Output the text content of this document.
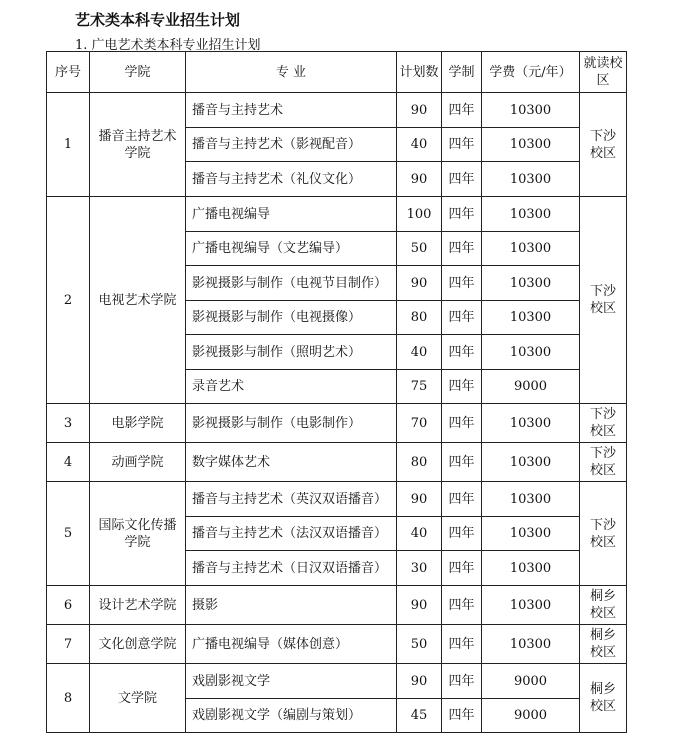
艺术类本科专业招生计划
1. 广电艺术类本科专业招生计划
序号	学院	专 业	计划数	学制	学费（元/年）	就读校区
1	播音主持艺术学院	播音与主持艺术	90	四年	10300	下沙校区
		播音与主持艺术（影视配音）	40	四年	10300	
		播音与主持艺术（礼仪文化）	90	四年	10300	
2	电视艺术学院	广播电视编导	100	四年	10300	下沙校区
		广播电视编导（文艺编导）	50	四年	10300	
		影视摄影与制作（电视节目制作）	90	四年	10300	
		影视摄影与制作（电视摄像）	80	四年	10300	
		影视摄影与制作（照明艺术）	40	四年	10300	
		录音艺术	75	四年	9000	
3	电影学院	影视摄影与制作（电影制作）	70	四年	10300	下沙校区
4	动画学院	数字媒体艺术	80	四年	10300	下沙校区
5	国际文化传播学院	播音与主持艺术（英汉双语播音）	90	四年	10300	下沙校区
		播音与主持艺术（法汉双语播音）	40	四年	10300	
		播音与主持艺术（日汉双语播音）	30	四年	10300	
6	设计艺术学院	摄影	90	四年	10300	桐乡校区
7	文化创意学院	广播电视编导（媒体创意）	50	四年	10300	桐乡校区
8	文学院	戏剧影视文学	90	四年	9000	桐乡校区
		戏剧影视文学（编剧与策划）	45	四年	9000	
